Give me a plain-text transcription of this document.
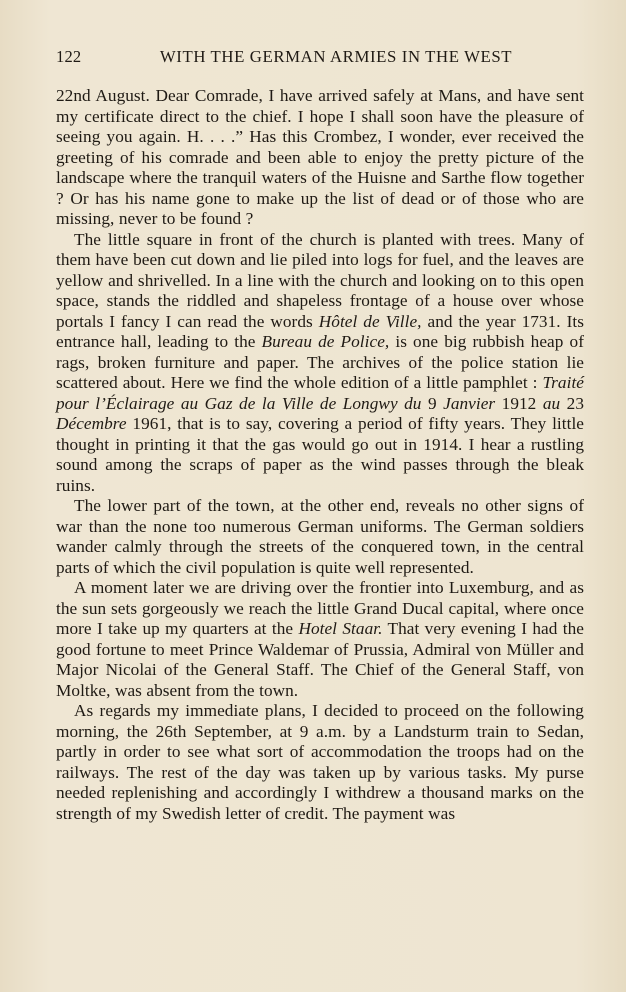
122	WITH THE GERMAN ARMIES IN THE WEST

22nd August. Dear Comrade, I have arrived safely at Mans, and have sent my certificate direct to the chief. I hope I shall soon have the pleasure of seeing you again. H. . . .” Has this Crombez, I wonder, ever received the greeting of his comrade and been able to enjoy the pretty picture of the landscape where the tranquil waters of the Huisne and Sarthe flow together ? Or has his name gone to make up the list of dead or of those who are missing, never to be found ?

The little square in front of the church is planted with trees. Many of them have been cut down and lie piled into logs for fuel, and the leaves are yellow and shrivelled. In a line with the church and looking on to this open space, stands the riddled and shapeless frontage of a house over whose portals I fancy I can read the words Hôtel de Ville, and the year 1731. Its entrance hall, leading to the Bureau de Police, is one big rubbish heap of rags, broken furniture and paper. The archives of the police station lie scattered about. Here we find the whole edition of a little pamphlet : Traité pour l’Éclairage au Gaz de la Ville de Longwy du 9 Janvier 1912 au 23 Décembre 1961, that is to say, covering a period of fifty years. They little thought in printing it that the gas would go out in 1914. I hear a rustling sound among the scraps of paper as the wind passes through the bleak ruins.

The lower part of the town, at the other end, reveals no other signs of war than the none too numerous German uniforms. The German soldiers wander calmly through the streets of the conquered town, in the central parts of which the civil population is quite well represented.

A moment later we are driving over the frontier into Luxemburg, and as the sun sets gorgeously we reach the little Grand Ducal capital, where once more I take up my quarters at the Hotel Staar. That very evening I had the good fortune to meet Prince Waldemar of Prussia, Admiral von Müller and Major Nicolai of the General Staff. The Chief of the General Staff, von Moltke, was absent from the town.

As regards my immediate plans, I decided to proceed on the following morning, the 26th September, at 9 a.m. by a Landsturm train to Sedan, partly in order to see what sort of accommodation the troops had on the railways. The rest of the day was taken up by various tasks. My purse needed replenishing and accordingly I withdrew a thousand marks on the strength of my Swedish letter of credit. The payment was
